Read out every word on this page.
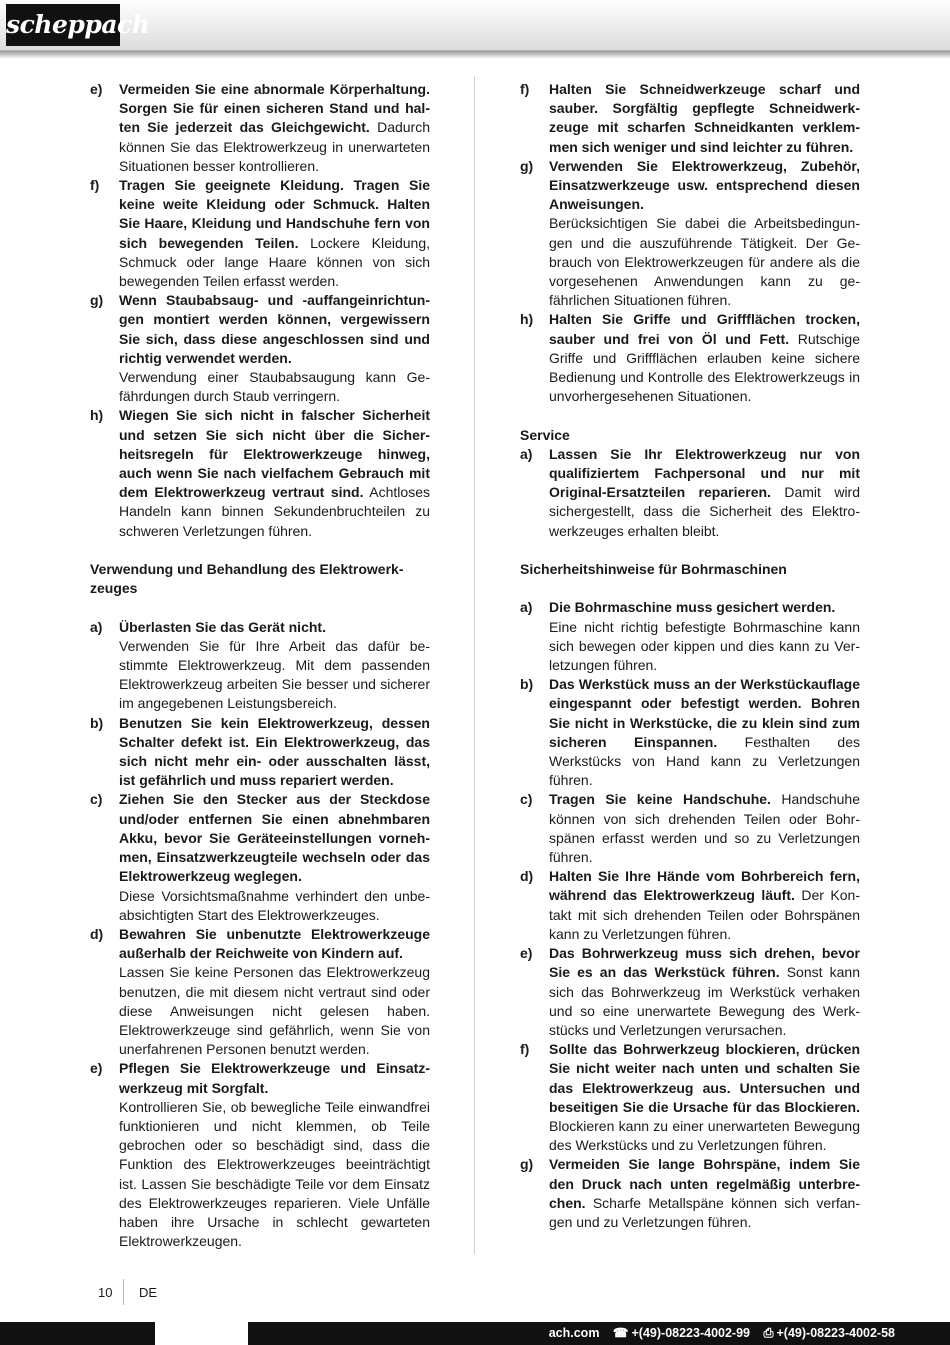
scheppach
e)	Vermeiden Sie eine abnormale Körperhaltung. Sorgen Sie für einen sicheren Stand und halten Sie jederzeit das Gleichgewicht. Dadurch können Sie das Elektrowerkzeug in unerwarteten Situationen besser kontrollieren.
f)	Tragen Sie geeignete Kleidung. Tragen Sie keine weite Kleidung oder Schmuck. Halten Sie Haare, Kleidung und Handschuhe fern von sich bewegenden Teilen. Lockere Kleidung, Schmuck oder lange Haare können von sich bewegenden Teilen erfasst werden.
g)	Wenn Staubabsaug- und -auffangeinrichtungen montiert werden können, vergewissern Sie sich, dass diese angeschlossen sind und richtig verwendet werden.
Verwendung einer Staubabsaugung kann Gefährdungen durch Staub verringern.
h)	Wiegen Sie sich nicht in falscher Sicherheit und setzen Sie sich nicht über die Sicherheitsregeln für Elektrowerkzeuge hinweg, auch wenn Sie nach vielfachem Gebrauch mit dem Elektrowerkzeug vertraut sind. Achtloses Handeln kann binnen Sekundenbruchteilen zu schweren Verletzungen führen.
Verwendung und Behandlung des Elektrowerkzeuges
a)	Überlasten Sie das Gerät nicht.
Verwenden Sie für Ihre Arbeit das dafür bestimmte Elektrowerkzeug. Mit dem passenden Elektrowerkzeug arbeiten Sie besser und sicherer im angegebenen Leistungsbereich.
b)	Benutzen Sie kein Elektrowerkzeug, dessen Schalter defekt ist. Ein Elektrowerkzeug, das sich nicht mehr ein- oder ausschalten lässt, ist gefährlich und muss repariert werden.
c)	Ziehen Sie den Stecker aus der Steckdose und/oder entfernen Sie einen abnehmbaren Akku, bevor Sie Geräteeinstellungen vornehmen, Einsatzwerkzeugteile wechseln oder das Elektrowerkzeug weglegen.
Diese Vorsichtsmaßnahme verhindert den unbeabsichtigten Start des Elektrowerkzeuges.
d)	Bewahren Sie unbenutzte Elektrowerkzeuge außerhalb der Reichweite von Kindern auf.
Lassen Sie keine Personen das Elektrowerkzeug benutzen, die mit diesem nicht vertraut sind oder diese Anweisungen nicht gelesen haben. Elektrowerkzeuge sind gefährlich, wenn Sie von unerfahrenen Personen benutzt werden.
e)	Pflegen Sie Elektrowerkzeuge und Einsatzwerkzeug mit Sorgfalt.
Kontrollieren Sie, ob bewegliche Teile einwandfrei funktionieren und nicht klemmen, ob Teile gebrochen oder so beschädigt sind, dass die Funktion des Elektrowerkzeuges beeinträchtigt ist. Lassen Sie beschädigte Teile vor dem Einsatz des Elektrowerkzeuges reparieren. Viele Unfälle haben ihre Ursache in schlecht gewarteten Elektrowerkzeugen.
f)	Halten Sie Schneidwerkzeuge scharf und sauber. Sorgfältig gepflegte Schneidwerkzeuge mit scharfen Schneidkanten verklemmen sich weniger und sind leichter zu führen.
g)	Verwenden Sie Elektrowerkzeug, Zubehör, Einsatzwerkzeuge usw. entsprechend diesen Anweisungen.
Berücksichtigen Sie dabei die Arbeitsbedingungen und die auszuführende Tätigkeit. Der Gebrauch von Elektrowerkzeugen für andere als die vorgesehenen Anwendungen kann zu gefährlichen Situationen führen.
h)	Halten Sie Griffe und Griffflächen trocken, sauber und frei von Öl und Fett. Rutschige Griffe und Griffflächen erlauben keine sichere Bedienung und Kontrolle des Elektrowerkzeugs in unvorhergesehenen Situationen.
Service
a)	Lassen Sie Ihr Elektrowerkzeug nur von qualifiziertem Fachpersonal und nur mit Original-Ersatzteilen reparieren. Damit wird sichergestellt, dass die Sicherheit des Elektrowerkzeuges erhalten bleibt.
Sicherheitshinweise für Bohrmaschinen
a)	Die Bohrmaschine muss gesichert werden.
Eine nicht richtig befestigte Bohrmaschine kann sich bewegen oder kippen und dies kann zu Verletzungen führen.
b)	Das Werkstück muss an der Werkstückauflage eingespannt oder befestigt werden. Bohren Sie nicht in Werkstücke, die zu klein sind zum sicheren Einspannen. Festhalten des Werkstücks von Hand kann zu Verletzungen führen.
c)	Tragen Sie keine Handschuhe. Handschuhe können von sich drehenden Teilen oder Bohrspänen erfasst werden und so zu Verletzungen führen.
d)	Halten Sie Ihre Hände vom Bohrbereich fern, während das Elektrowerkzeug läuft. Der Kontakt mit sich drehenden Teilen oder Bohrspänen kann zu Verletzungen führen.
e)	Das Bohrwerkzeug muss sich drehen, bevor Sie es an das Werkstück führen. Sonst kann sich das Bohrwerkzeug im Werkstück verhaken und so eine unerwartete Bewegung des Werkstücks und Verletzungen verursachen.
f)	Sollte das Bohrwerkzeug blockieren, drücken Sie nicht weiter nach unten und schalten Sie das Elektrowerkzeug aus. Untersuchen und beseitigen Sie die Ursache für das Blockieren. Blockieren kann zu einer unerwarteten Bewegung des Werkstücks und zu Verletzungen führen.
g)	Vermeiden Sie lange Bohrspäne, indem Sie den Druck nach unten regelmäßig unterbrechen. Scharfe Metallspäne können sich verfangen und zu Verletzungen führen.
10 DE
ach.com ☎ +(49)-08223-4002-99 ⎙ +(49)-08223-4002-58
